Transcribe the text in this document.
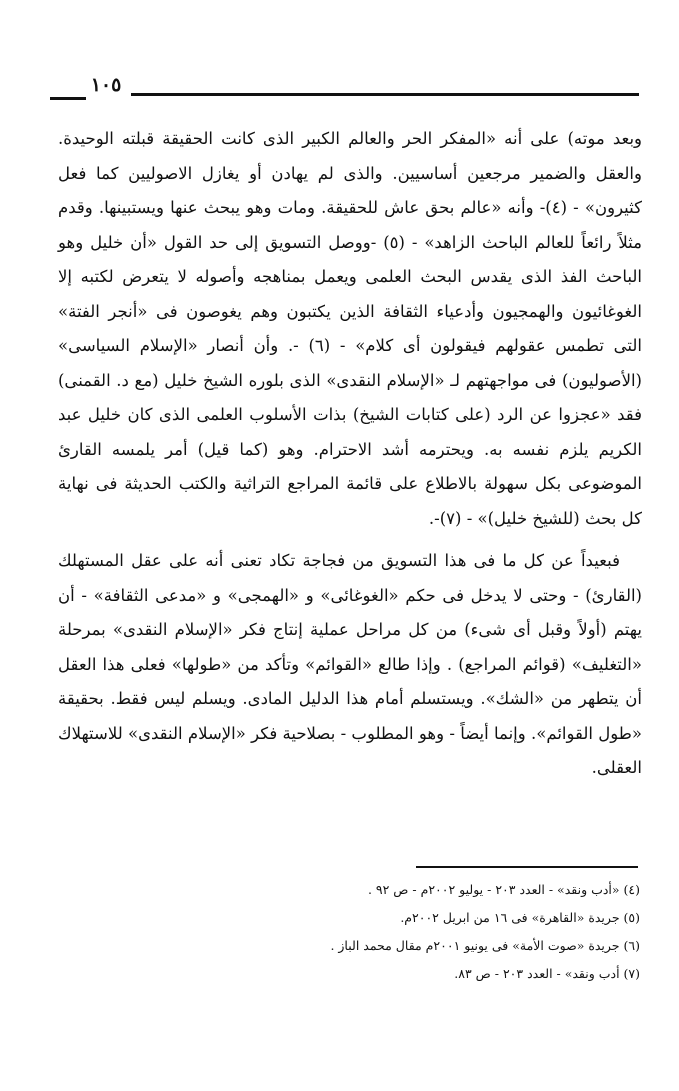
١٠٥

وبعد موته) على أنه «المفكر الحر والعالم الكبير الذى كانت الحقيقة قبلته الوحيدة. والعقل والضمير مرجعين أساسيين. والذى لم يهادن أو يغازل الاصوليين كما فعل كثيرون» - (٤)- وأنه «عالم بحق عاش للحقيقة. ومات وهو يبحث عنها ويستبينها. وقدم مثلاً رائعاً للعالم الباحث الزاهد» - (٥) -ووصل التسويق إلى حد القول «أن خليل وهو الباحث الفذ الذى يقدس البحث العلمى ويعمل بمناهجه وأصوله لا يتعرض لكتبه إلا الغوغائيون والهمجيون وأدعياء الثقافة الذين يكتبون وهم يغوصون فى «أنجر الفتة» التى تطمس عقولهم فيقولون أى كلام» - (٦) -. وأن أنصار «الإسلام السياسى» (الأصوليون) فى مواجهتهم لـ «الإسلام النقدى» الذى بلوره الشيخ خليل (مع د. القمنى) فقد «عجزوا عن الرد (على كتابات الشيخ) بذات الأسلوب العلمى الذى كان خليل عبد الكريم يلزم نفسه به. ويحترمه أشد الاحترام. وهو (كما قيل) أمر يلمسه القارئ الموضوعى بكل سهولة بالاطلاع على قائمة المراجع التراثية والكتب الحديثة فى نهاية كل بحث (للشيخ خليل)» - (٧)-.

فبعيداً عن كل ما فى هذا التسويق من فجاجة تكاد تعنى أنه على عقل المستهلك (القارئ) - وحتى لا يدخل فى حكم «الغوغائى» و «الهمجى» و «مدعى الثقافة» - أن يهتم (أولاً وقبل أى شىء) من كل مراحل عملية إنتاج فكر «الإسلام النقدى» بمرحلة «التغليف» (قوائم المراجع) . وإذا طالع «القوائم» وتأكد من «طولها» فعلى هذا العقل أن يتطهر من «الشك». ويستسلم أمام هذا الدليل المادى. ويسلم ليس فقط. بحقيقة «طول القوائم». وإنما أيضاً - وهو المطلوب - بصلاحية فكر «الإسلام النقدى» للاستهلاك العقلى.

(٤) «أدب ونقد» - العدد ٢٠٣ - يوليو ٢٠٠٢م - ص ٩٢ .

(٥) جريدة «القاهرة» فى ١٦ من ابريل ٢٠٠٢م.

(٦) جريدة «صوت الأمة» فى يونيو ٢٠٠١م مقال محمد الباز .

(٧) أدب ونقد» - العدد ٢٠٣ - ص ٨٣.
